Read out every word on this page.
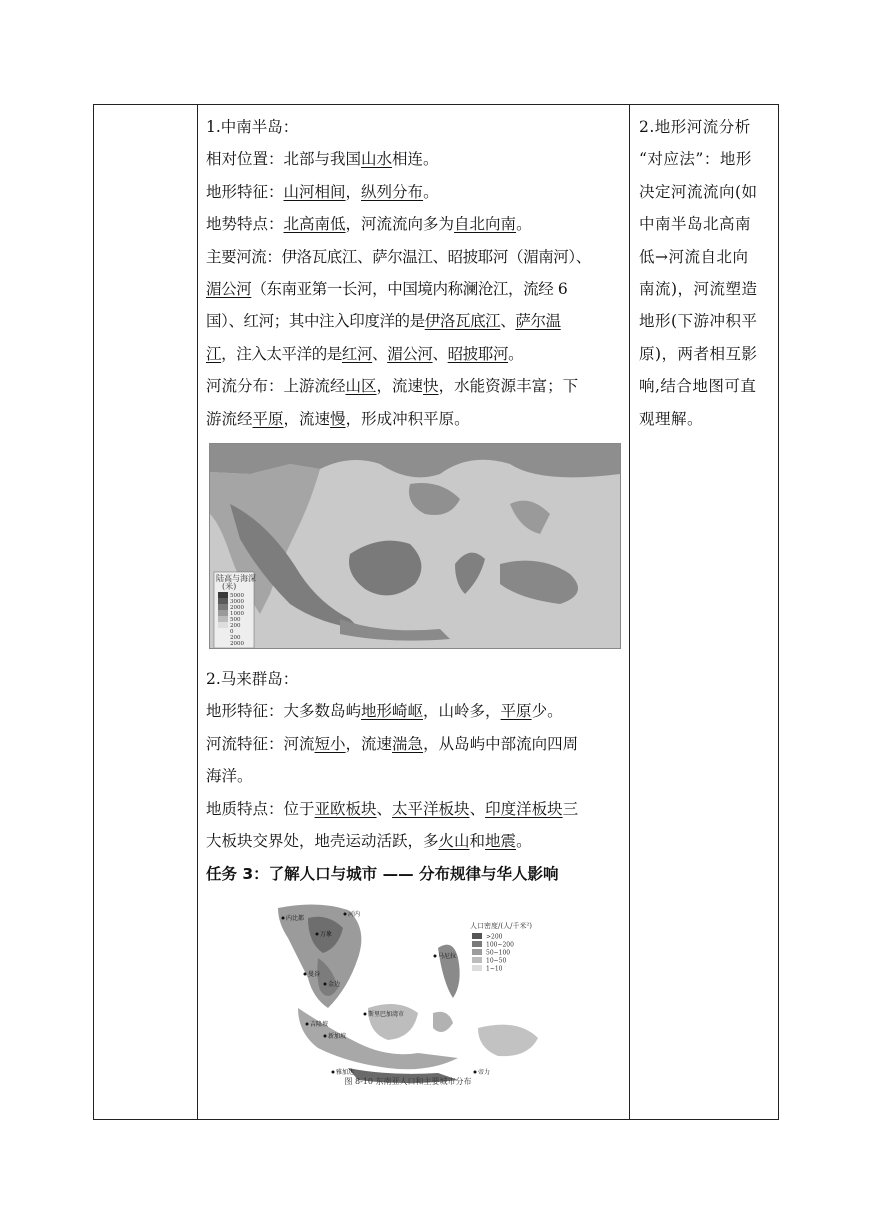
1.中南半岛：
相对位置：北部与我国山水相连。
地形特征：山河相间，纵列分布。
地势特点：北高南低，河流流向多为自北向南。
主要河流：伊洛瓦底江、萨尔温江、昭披耶河（湄南河）、
湄公河（东南亚第一长河，中国境内称澜沧江，流经 6
国）、红河；其中注入印度洋的是伊洛瓦底江、萨尔温
江，注入太平洋的是红河、湄公河、昭披耶河。
河流分布：上游流经山区，流速快，水能资源丰富；下
游流经平原，流速慢，形成冲积平原。
陆高与海深
(米)
5000
3000
2000
1000
500
200
0
200
2000
2.马来群岛：
地形特征：大多数岛屿地形崎岖，山岭多，平原少。
河流特征：河流短小，流速湍急，从岛屿中部流向四周
海洋。
地质特点：位于亚欧板块、太平洋板块、印度洋板块三
大板块交界处，地壳运动活跃，多火山和地震。
任务 3：了解人口与城市 —— 分布规律与华人影响
人口密度/(人/千米²)
>200
100~200
50~100
10~50
1~10
内比都
河内
万象
曼谷
金边
马尼拉
吉隆坡
斯里巴加湾市
新加坡
雅加达	帝力
图 8-10 东南亚人口和主要城市分布
2.地形河流分析
“对应法”：地形
决定河流流向(如
中南半岛北高南
低→河流自北向
南流)，河流塑造
地形(下游冲积平
原)，两者相互影
响,结合地图可直
观理解。
